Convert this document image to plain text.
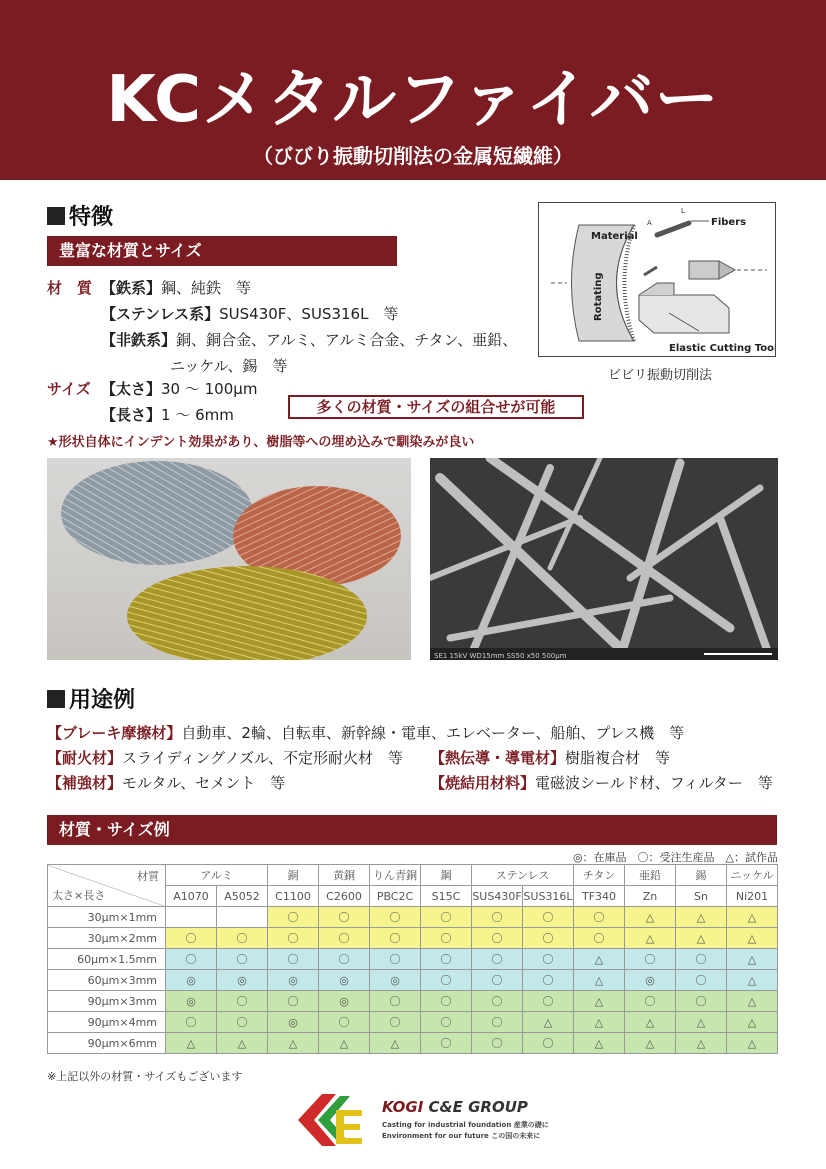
KCメタルファイバー
（びびり振動切削法の金属短繊維）
特徴
豊富な材質とサイズ
材　質 【鉄系】鋼、純鉄　等
【ステンレス系】SUS430F、SUS316L　等
【非鉄系】銅、銅合金、アルミ、アルミ合金、チタン、亜鉛、
ニッケル、錫　等
サイズ 【太さ】30 ～ 100μm
【長さ】1 ～ 6mm	多くの材質・サイズの組合せが可能
★形状自体にインデント効果があり、樹脂等への埋め込みで馴染みが良い
Fibers
Material
Rotating
Elastic Cutting Tool
A
L
ビビリ振動切削法
SE1 15kV WD15mm SS50 x50 500μm
用途例
【ブレーキ摩擦材】自動車、2輪、自転車、新幹線・電車、エレベーター、船舶、プレス機　等
【耐火材】スライディングノズル、不定形耐火材　等 【熱伝導・導電材】樹脂複合材　等
【補強材】モルタル、セメント　等	【焼結用材料】電磁波シールド材、フィルター　等
材質・サイズ例
◎：在庫品　〇：受注生産品　△：試作品
材質
太さ×長さ	アルミ		銅	黄銅	りん青銅	鋼	ステンレス		チタン	亜鉛	錫	ニッケル
	A1070	A5052	C1100	C2600	PBC2C	S15C	SUS430F	SUS316L	TF340	Zn	Sn	Ni201
30μm×1mm			〇	〇	〇	〇	〇	〇	〇	△	△	△
30μm×2mm	〇	〇	〇	〇	〇	〇	〇	〇	〇	△	△	△
60μm×1.5mm	〇	〇	〇	〇	〇	〇	〇	〇	△	〇	〇	△
60μm×3mm	◎	◎	◎	◎	◎	〇	〇	〇	△	◎	〇	△
90μm×3mm	◎	〇	〇	◎	〇	〇	〇	〇	△	〇	〇	△
90μm×4mm	〇	〇	◎	〇	〇	〇	〇	△	△	△	△	△
90μm×6mm	△	△	△	△	△	〇	〇	〇	△	△	△	△
※上記以外の材質・サイズもございます
KOGI C&E GROUP
Casting for industrial foundation 産業の礎に
Environment for our future この国の未来に
